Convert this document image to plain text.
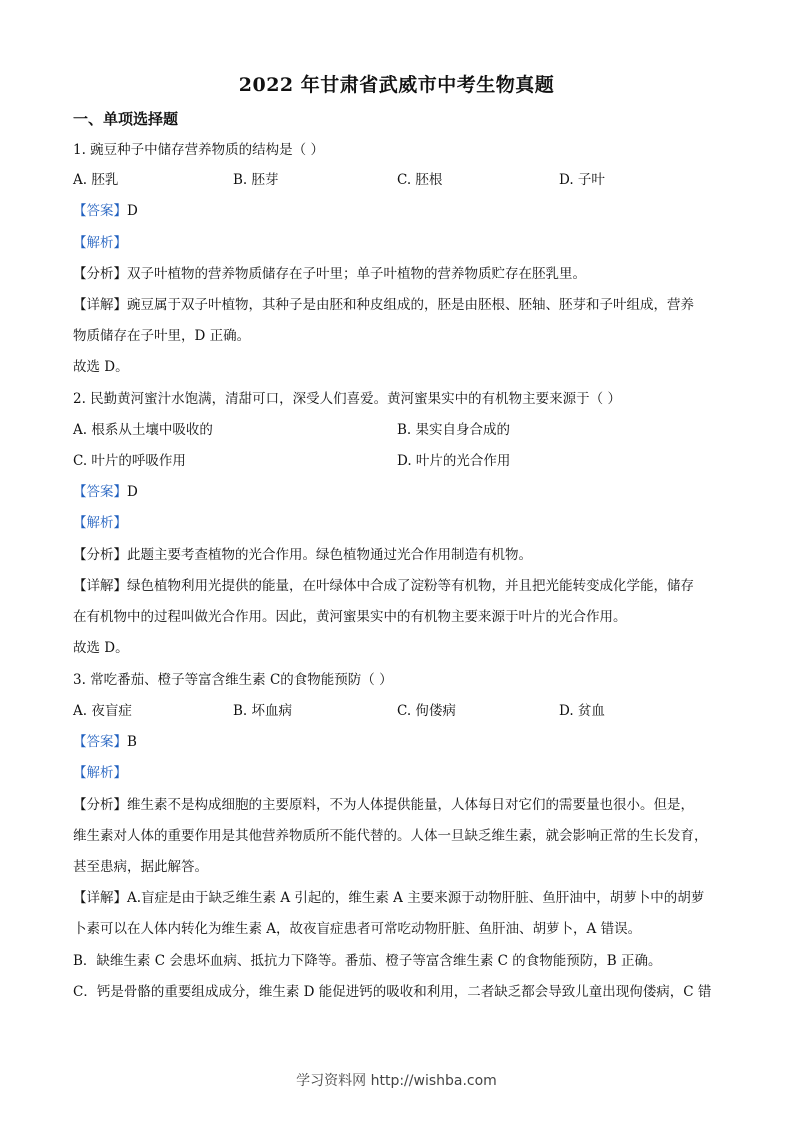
2022 年甘肃省武威市中考生物真题
一、单项选择题
1. 豌豆种子中储存营养物质的结构是（ ）
A. 胚乳	B. 胚芽	C. 胚根	D. 子叶
【答案】D
【解析】
【分析】双子叶植物的营养物质储存在子叶里；单子叶植物的营养物质贮存在胚乳里。
【详解】豌豆属于双子叶植物，其种子是由胚和种皮组成的，胚是由胚根、胚轴、胚芽和子叶组成，营养
物质储存在子叶里，D 正确。
故选 D。
2. 民勤黄河蜜汁水饱满，清甜可口，深受人们喜爱。黄河蜜果实中的有机物主要来源于（ ）
A. 根系从土壤中吸收的	B. 果实自身合成的
C. 叶片的呼吸作用	D. 叶片的光合作用
【答案】D
【解析】
【分析】此题主要考查植物的光合作用。绿色植物通过光合作用制造有机物。
【详解】绿色植物利用光提供的能量，在叶绿体中合成了淀粉等有机物，并且把光能转变成化学能，储存
在有机物中的过程叫做光合作用。因此，黄河蜜果实中的有机物主要来源于叶片的光合作用。
故选 D。
3. 常吃番茄、橙子等富含维生素 C的食物能预防（ ）
A. 夜盲症	B. 坏血病	C. 佝偻病	D. 贫血
【答案】B
【解析】
【分析】维生素不是构成细胞的主要原料，不为人体提供能量，人体每日对它们的需要量也很小。但是，
维生素对人体的重要作用是其他营养物质所不能代替的。人体一旦缺乏维生素，就会影响正常的生长发育，
甚至患病，据此解答。
【详解】A.盲症是由于缺乏维生素 A 引起的，维生素 A 主要来源于动物肝脏、鱼肝油中，胡萝卜中的胡萝
卜素可以在人体内转化为维生素 A，故夜盲症患者可常吃动物肝脏、鱼肝油、胡萝卜，A 错误。
B．缺维生素 C 会患坏血病、抵抗力下降等。番茄、橙子等富含维生素 C 的食物能预防，B 正确。
C．钙是骨骼的重要组成成分，维生素 D 能促进钙的吸收和利用，二者缺乏都会导致儿童出现佝偻病，C 错
学习资料网 http://wishba.com
